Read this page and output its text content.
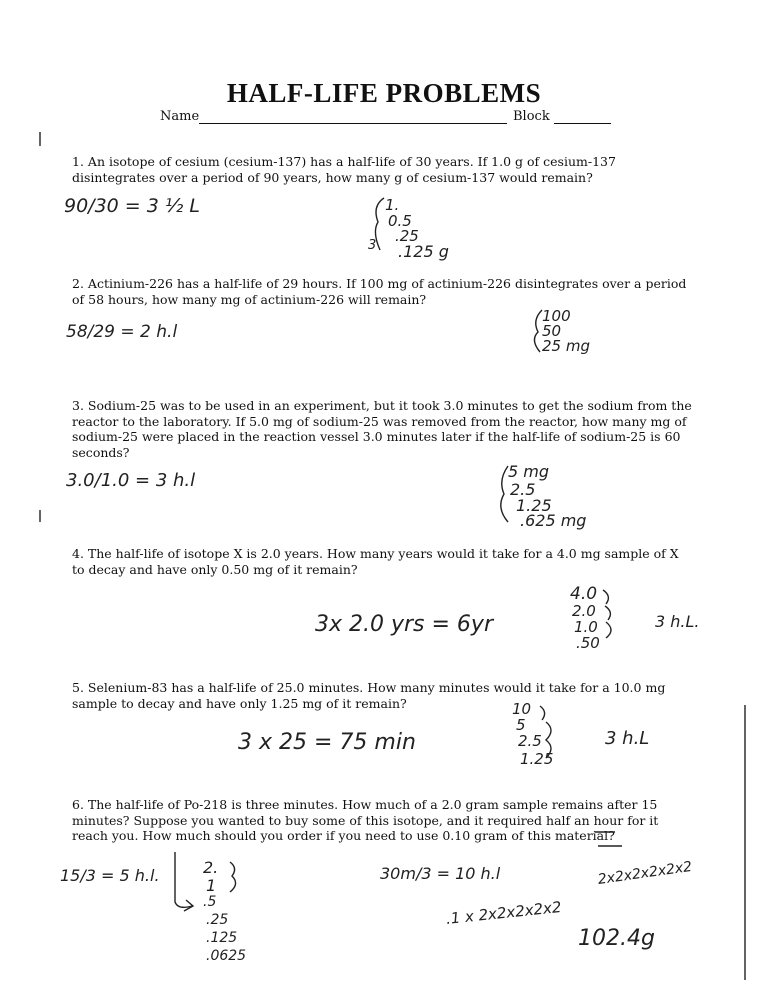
HALF-LIFE PROBLEMS
Name	Block
1. An isotope of cesium (cesium-137) has a half-life of 30 years. If 1.0 g of cesium-137 disintegrates over a period of 90 years, how many g of cesium-137 would remain?
2. Actinium-226 has a half-life of 29 hours. If 100 mg of actinium-226 disintegrates over a period of 58 hours, how many mg of actinium-226 will remain?
3. Sodium-25 was to be used in an experiment, but it took 3.0 minutes to get the sodium from the reactor to the laboratory. If 5.0 mg of sodium-25 was removed from the reactor, how many mg of sodium-25 were placed in the reaction vessel 3.0 minutes later if the half-life of sodium-25 is 60 seconds?
4. The half-life of isotope X is 2.0 years. How many years would it take for a 4.0 mg sample of X to decay and have only 0.50 mg of it remain?
5. Selenium-83 has a half-life of 25.0 minutes. How many minutes would it take for a 10.0 mg sample to decay and have only 1.25 mg of it remain?
6. The half-life of Po-218 is three minutes. How much of a 2.0 gram sample remains after 15 minutes? Suppose you wanted to buy some of this isotope, and it required half an hour for it reach you. How much should you order if you need to use 0.10 gram of this material?
90/30 = 3 ½ L	1.
0.5
.25
.125 g
3
58/29 = 2 h.l
100
50
25 mg
3.0/1.0 = 3 h.l	5 mg
2.5
1.25
.625 mg
3x 2.0 yrs = 6yr
4.0
2.0
1.0
.50
3 h.L.
3 x 25 = 75 min
10
5
2.5
1.25
3 h.L
15/3 = 5 h.l.	2.
1
.5
.25
.125
.0625
30m/3 = 10 h.l	2x2x2x2x2x2
.1 x 2x2x2x2x2
102.4g
